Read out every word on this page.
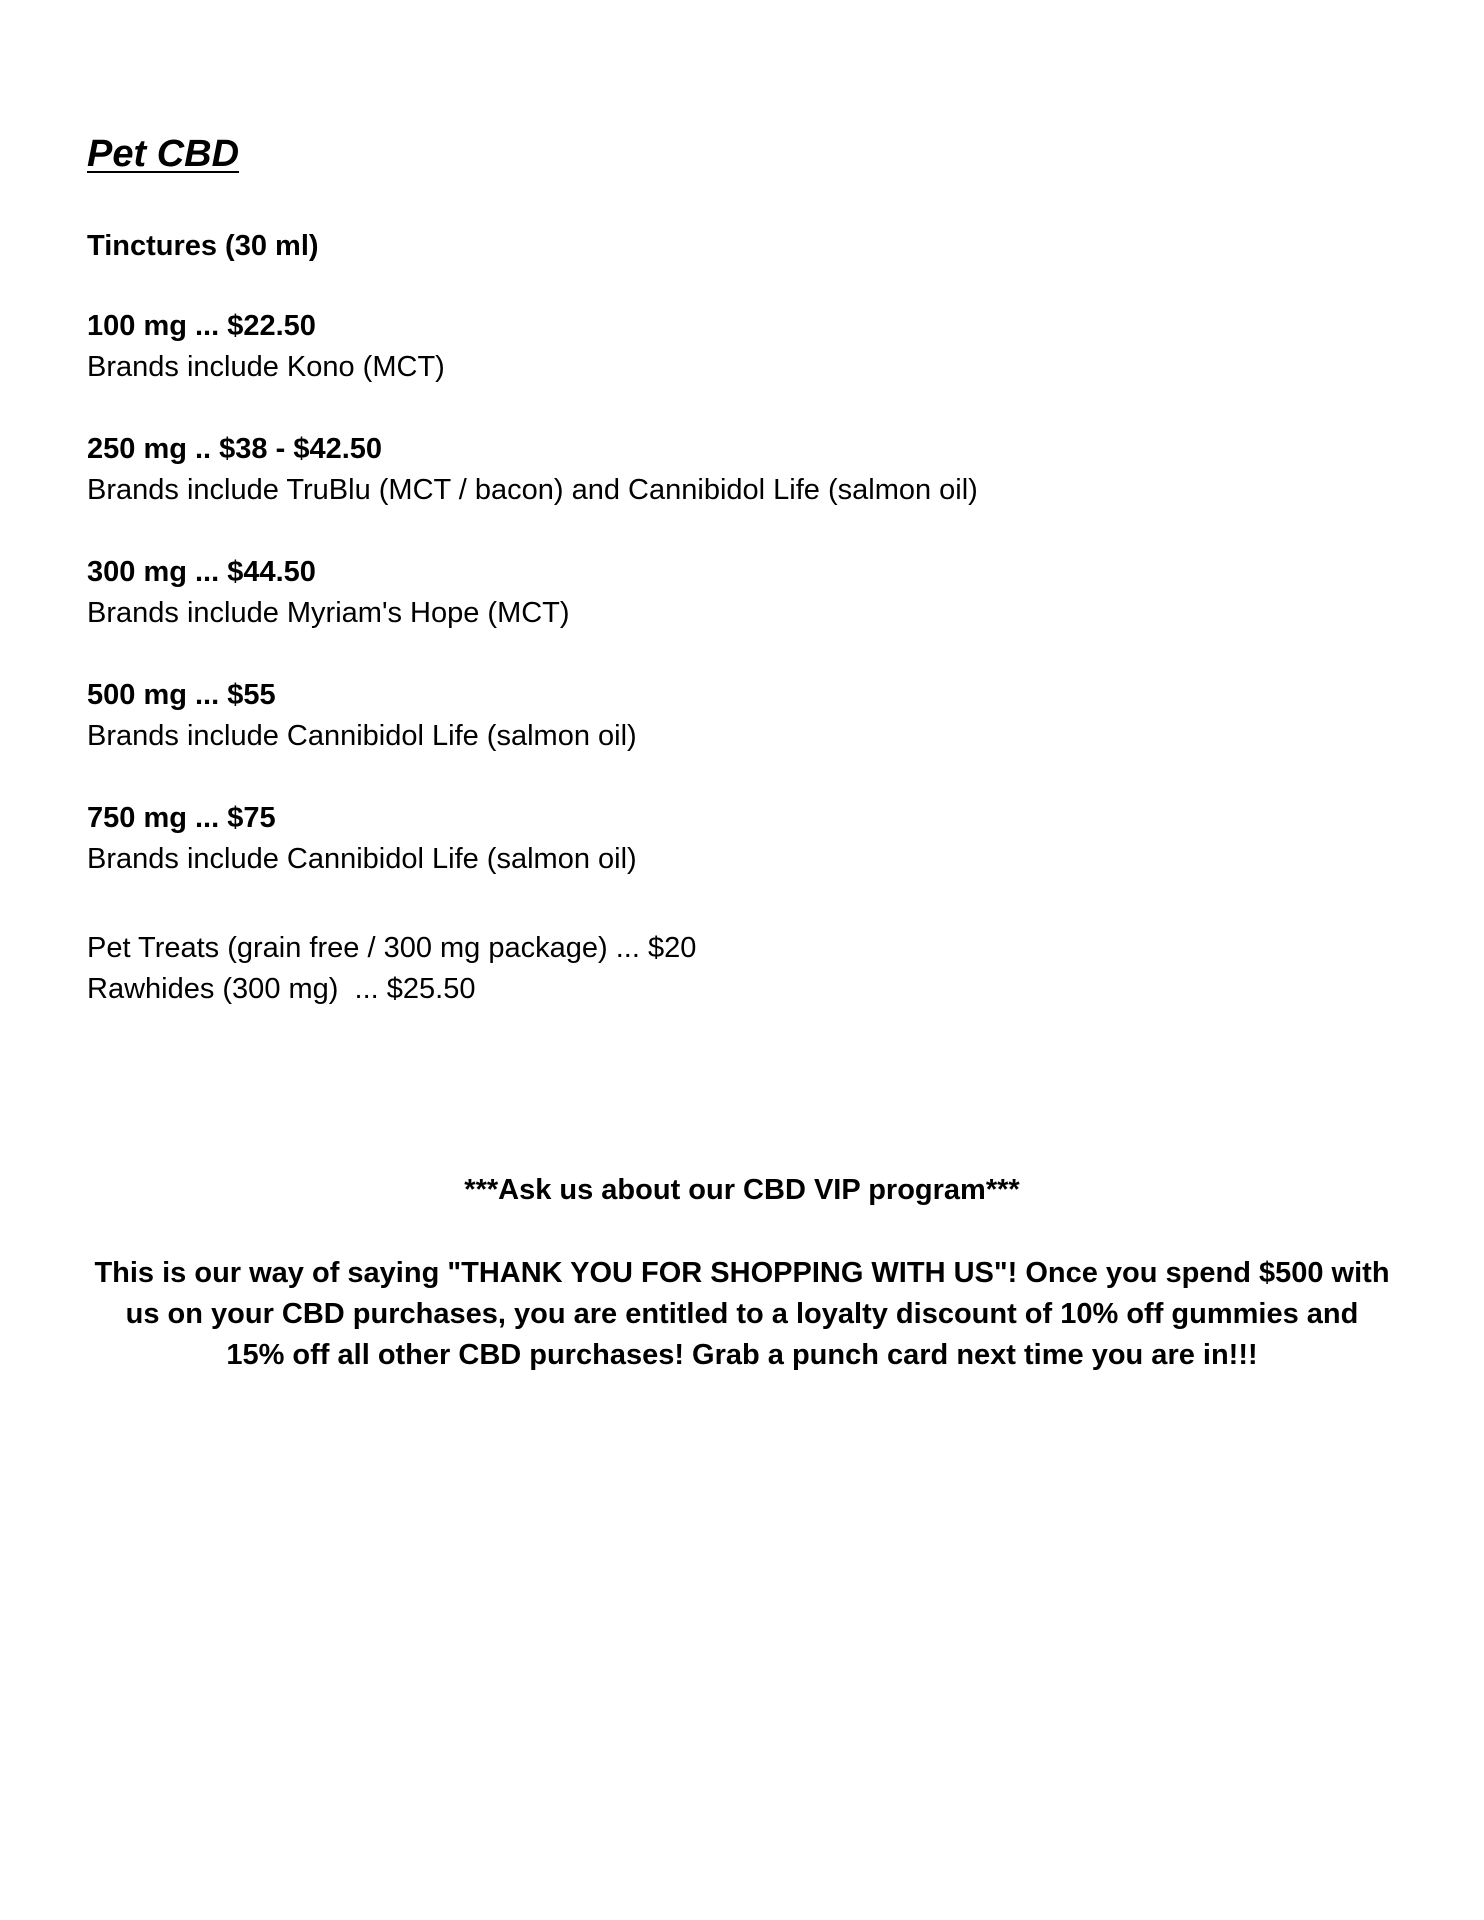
Pet CBD
Tinctures (30 ml)
100 mg ... $22.50
Brands include Kono (MCT)
250 mg .. $38 - $42.50
Brands include TruBlu (MCT / bacon) and Cannibidol Life (salmon oil)
300 mg ... $44.50
Brands include Myriam's Hope (MCT)
500 mg ... $55
Brands include Cannibidol Life (salmon oil)
750 mg ... $75
Brands include Cannibidol Life (salmon oil)
Pet Treats (grain free / 300 mg package) ... $20
Rawhides (300 mg)  ... $25.50

***Ask us about our CBD VIP program***

This is our way of saying "THANK YOU FOR SHOPPING WITH US"! Once you spend $500 with
us on your CBD purchases, you are entitled to a loyalty discount of 10% off gummies and
15% off all other CBD purchases! Grab a punch card next time you are in!!!
